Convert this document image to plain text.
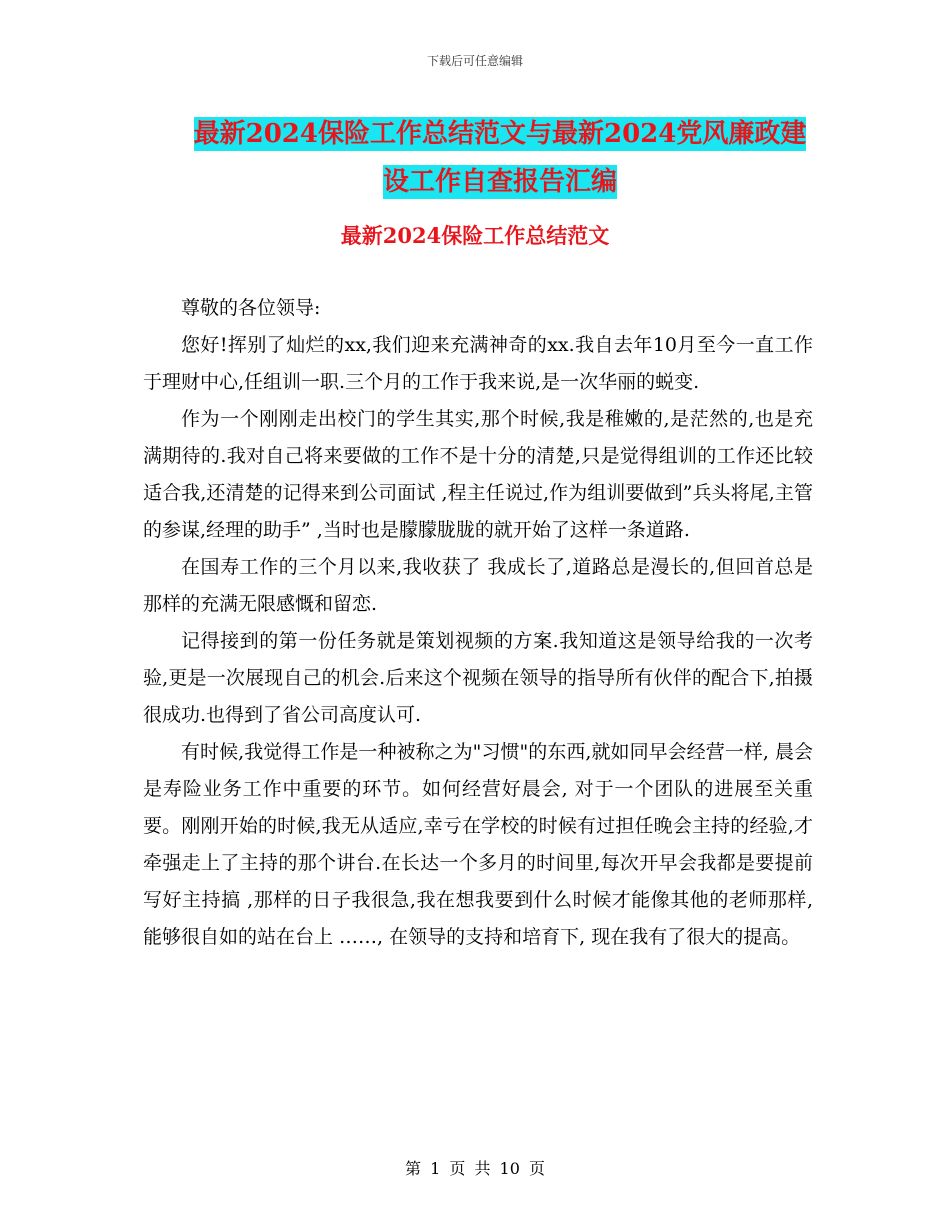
下载后可任意编辑
最新2024保险工作总结范文与最新2024党风廉政建
设工作自查报告汇编
最新2024保险工作总结范文

尊敬的各位领导:

您好!挥别了灿烂的xx,我们迎来充满神奇的xx.我自去年10月至今一直工作于理财中心,任组训一职.三个月的工作于我来说,是一次华丽的蜕变.

作为一个刚刚走出校门的学生其实,那个时候,我是稚嫩的,是茫然的,也是充满期待的.我对自己将来要做的工作不是十分的清楚,只是觉得组训的工作还比较适合我,还清楚的记得来到公司面试 ,程主任说过,作为组训要做到”兵头将尾,主管的参谋,经理的助手” ,当时也是朦朦胧胧的就开始了这样一条道路.

在国寿工作的三个月以来,我收获了 我成长了,道路总是漫长的,但回首总是那样的充满无限感慨和留恋.

记得接到的第一份任务就是策划视频的方案.我知道这是领导给我的一次考验,更是一次展现自己的机会.后来这个视频在领导的指导所有伙伴的配合下,拍摄很成功.也得到了省公司高度认可.

有时候,我觉得工作是一种被称之为"习惯"的东西,就如同早会经营一样, 晨会是寿险业务工作中重要的环节。如何经营好晨会, 对于一个团队的进展至关重要。刚刚开始的时候,我无从适应,幸亏在学校的时候有过担任晚会主持的经验,才牵强走上了主持的那个讲台.在长达一个多月的时间里,每次开早会我都是要提前写好主持搞 ,那样的日子我很急,我在想我要到什么时候才能像其他的老师那样,能够很自如的站在台上 ……, 在领导的支持和培育下, 现在我有了很大的提高。

第 1 页 共 10 页
